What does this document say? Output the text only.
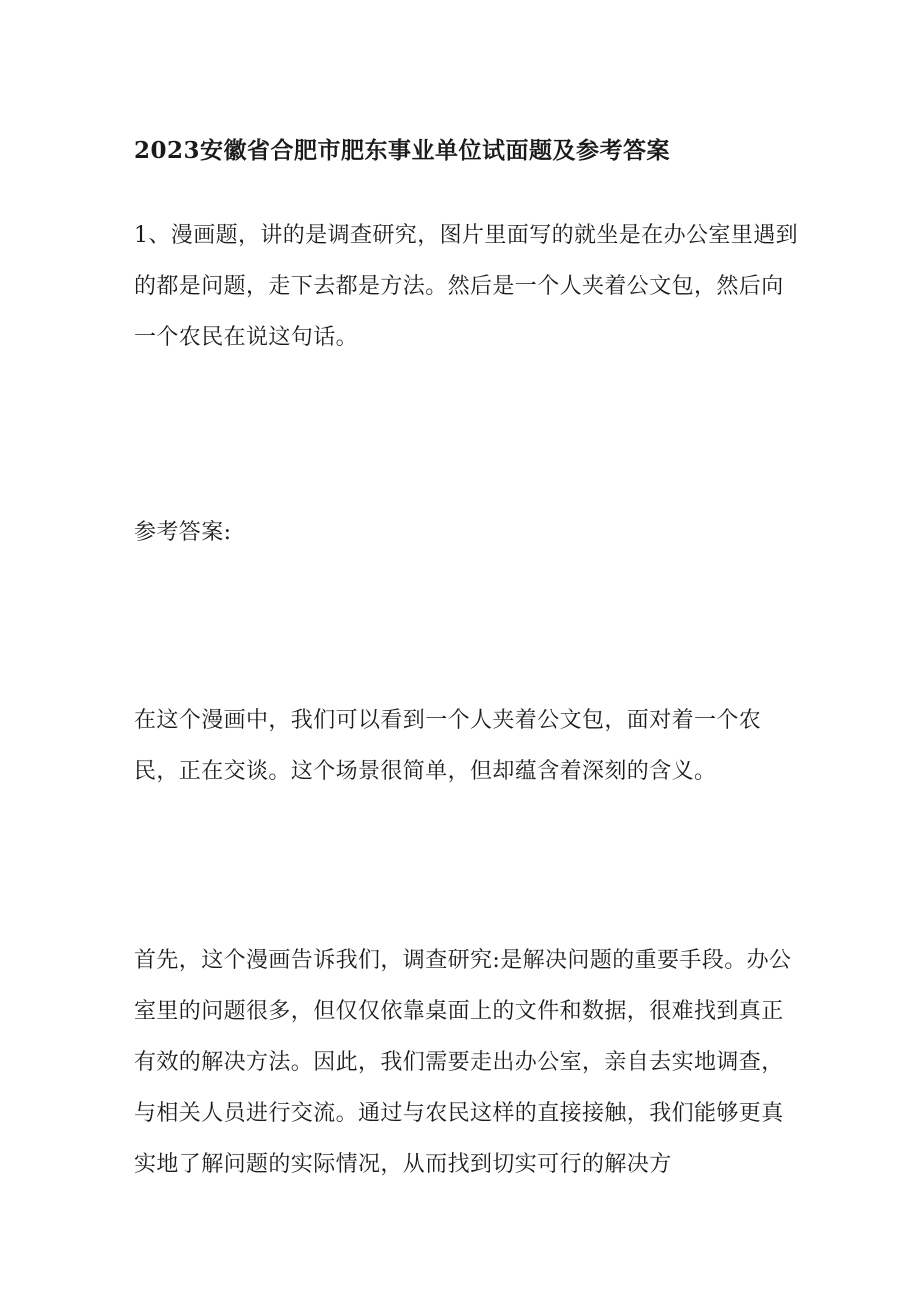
2023安徽省合肥市肥东事业单位试面题及参考答案

1、漫画题，讲的是调查研究，图片里面写的就坐是在办公室里遇到的都是问题，走下去都是方法。然后是一个人夹着公文包，然后向一个农民在说这句话。

参考答案:

在这个漫画中，我们可以看到一个人夹着公文包，面对着一个农民，正在交谈。这个场景很简单，但却蕴含着深刻的含义。

首先，这个漫画告诉我们，调查研究:是解决问题的重要手段。办公室里的问题很多，但仅仅依靠桌面上的文件和数据，很难找到真正有效的解决方法。因此，我们需要走出办公室，亲自去实地调查，与相关人员进行交流。通过与农民这样的直接接触，我们能够更真实地了解问题的实际情况，从而找到切实可行的解决方
